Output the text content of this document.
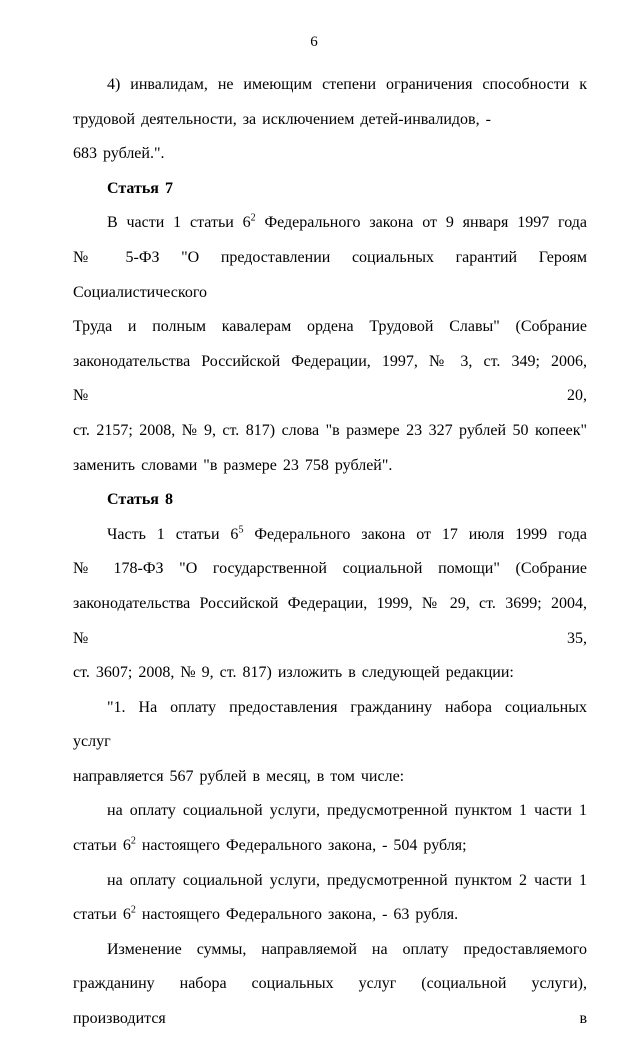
6
4) инвалидам, не имеющим степени ограничения способности к
трудовой деятельности, за исключением детей-инвалидов, - 683 рублей.".
Статья 7
В части 1 статьи $6^2$ Федерального закона от 9 января 1997 года
№ 5-ФЗ "О предоставлении социальных гарантий Героям Социалистического
Труда и полным кавалерам ордена Трудовой Славы" (Собрание
законодательства Российской Федерации, 1997, № 3, ст. 349; 2006, № 20,
ст. 2157; 2008, № 9, ст. 817) слова "в размере 23 327 рублей 50 копеек"
заменить словами "в размере 23 758 рублей".
Статья 8
Часть 1 статьи $6^5$ Федерального закона от 17 июля 1999 года
№ 178-ФЗ "О государственной социальной помощи" (Собрание
законодательства Российской Федерации, 1999, № 29, ст. 3699; 2004, № 35,
ст. 3607; 2008, № 9, ст. 817) изложить в следующей редакции:
"1. На оплату предоставления гражданину набора социальных услуг
направляется 567 рублей в месяц, в том числе:
на оплату социальной услуги, предусмотренной пунктом 1 части 1
статьи $6^2$ настоящего Федерального закона, - 504 рубля;
на оплату социальной услуги, предусмотренной пунктом 2 части 1
статьи $6^2$ настоящего Федерального закона, - 63 рубля.
Изменение суммы, направляемой на оплату предоставляемого
гражданину набора социальных услуг (социальной услуги), производится в
